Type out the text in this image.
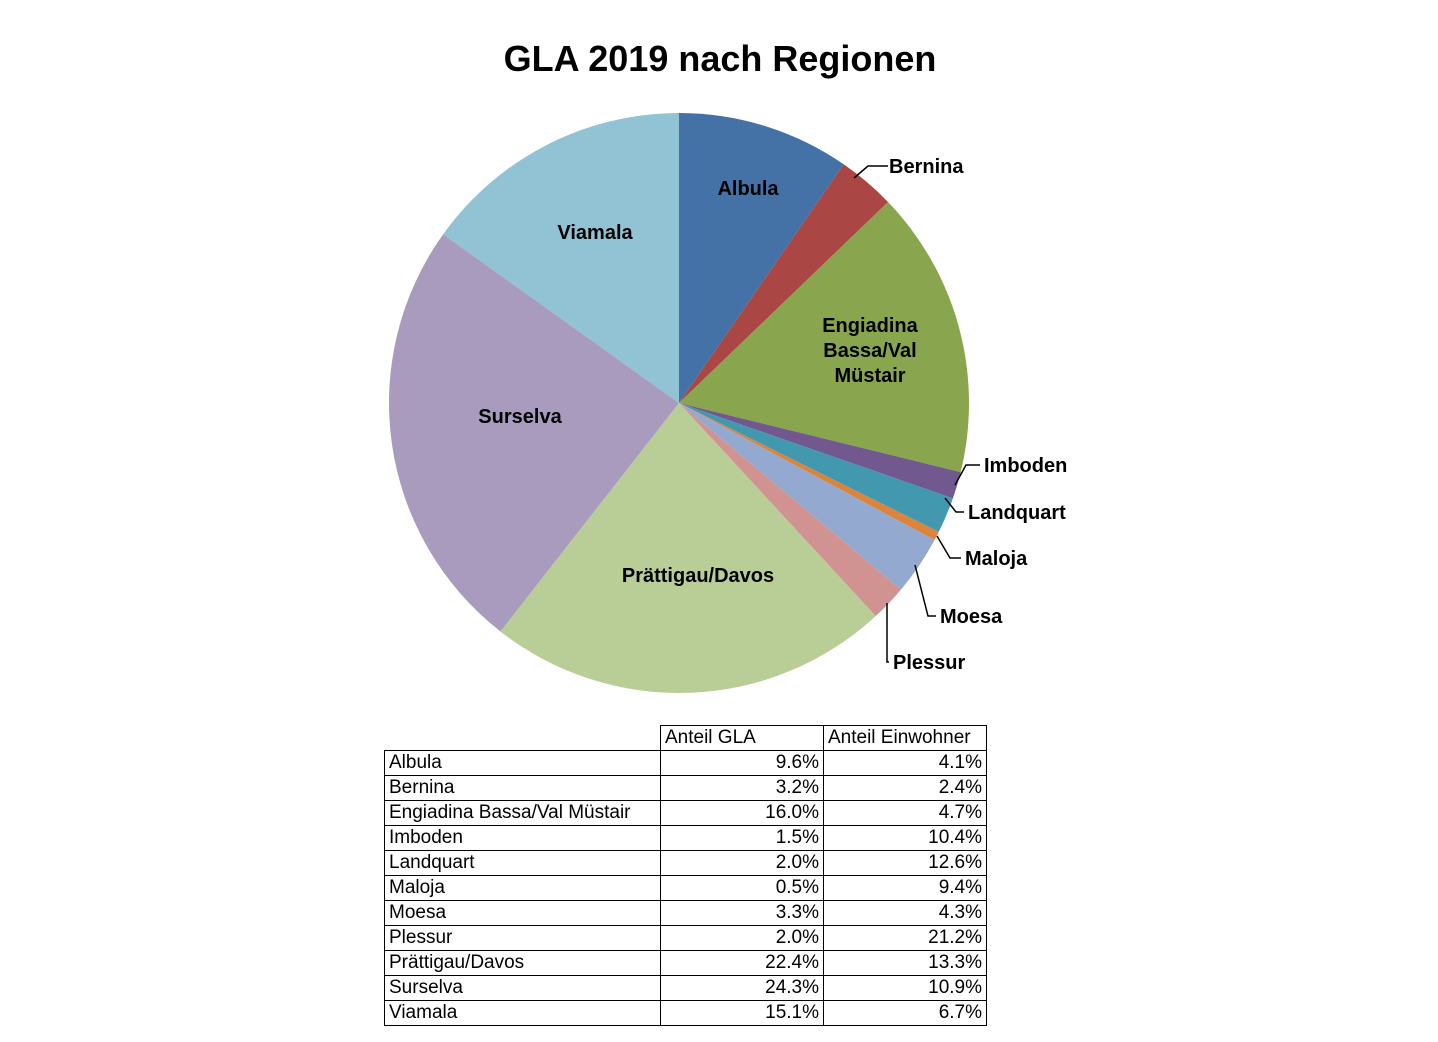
GLA 2019 nach Regionen
Albula
Bernina
Engiadina Bassa/Val Müstair
Imboden
Landquart
Maloja
Moesa
Plessur
Prättigau/Davos
Surselva
Viamala
	Anteil GLA	Anteil Einwohner
Albula	9.6%	4.1%
Bernina	3.2%	2.4%
Engiadina Bassa/Val Müstair	16.0%	4.7%
Imboden	1.5%	10.4%
Landquart	2.0%	12.6%
Maloja	0.5%	9.4%
Moesa	3.3%	4.3%
Plessur	2.0%	21.2%
Prättigau/Davos	22.4%	13.3%
Surselva	24.3%	10.9%
Viamala	15.1%	6.7%
